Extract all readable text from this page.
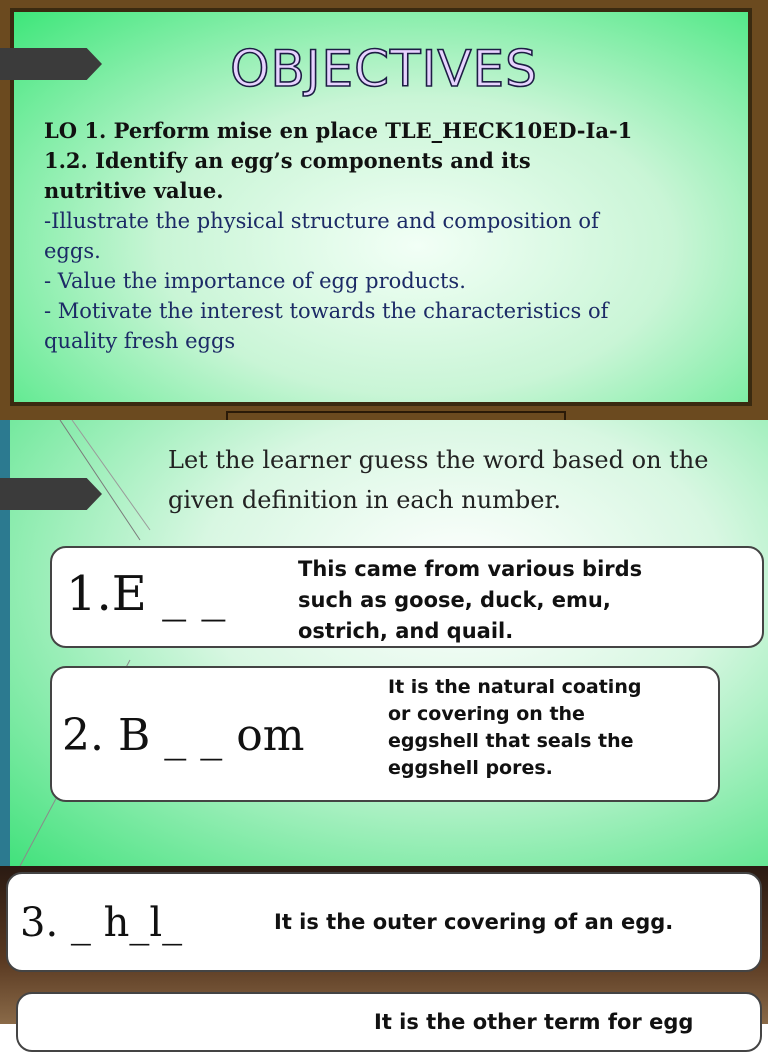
OBJECTIVES
LO 1. Perform mise en place TLE_HECK10ED-Ia-1
1.2. Identify an egg’s components and its
nutritive value.
-Illustrate the physical structure and composition of
eggs.
- Value the importance of egg products.
- Motivate the interest towards the characteristics of
quality fresh eggs
Let the learner guess the word based on the
given definition in each number.
1.E _ _	This came from various birds
such as goose, duck, emu,
ostrich, and quail.
2. B _ _ om
It is the natural coating
or covering on the
eggshell that seals the
eggshell pores.
3. _ h_l_	It is the outer covering of an egg.
It is the other term for egg
